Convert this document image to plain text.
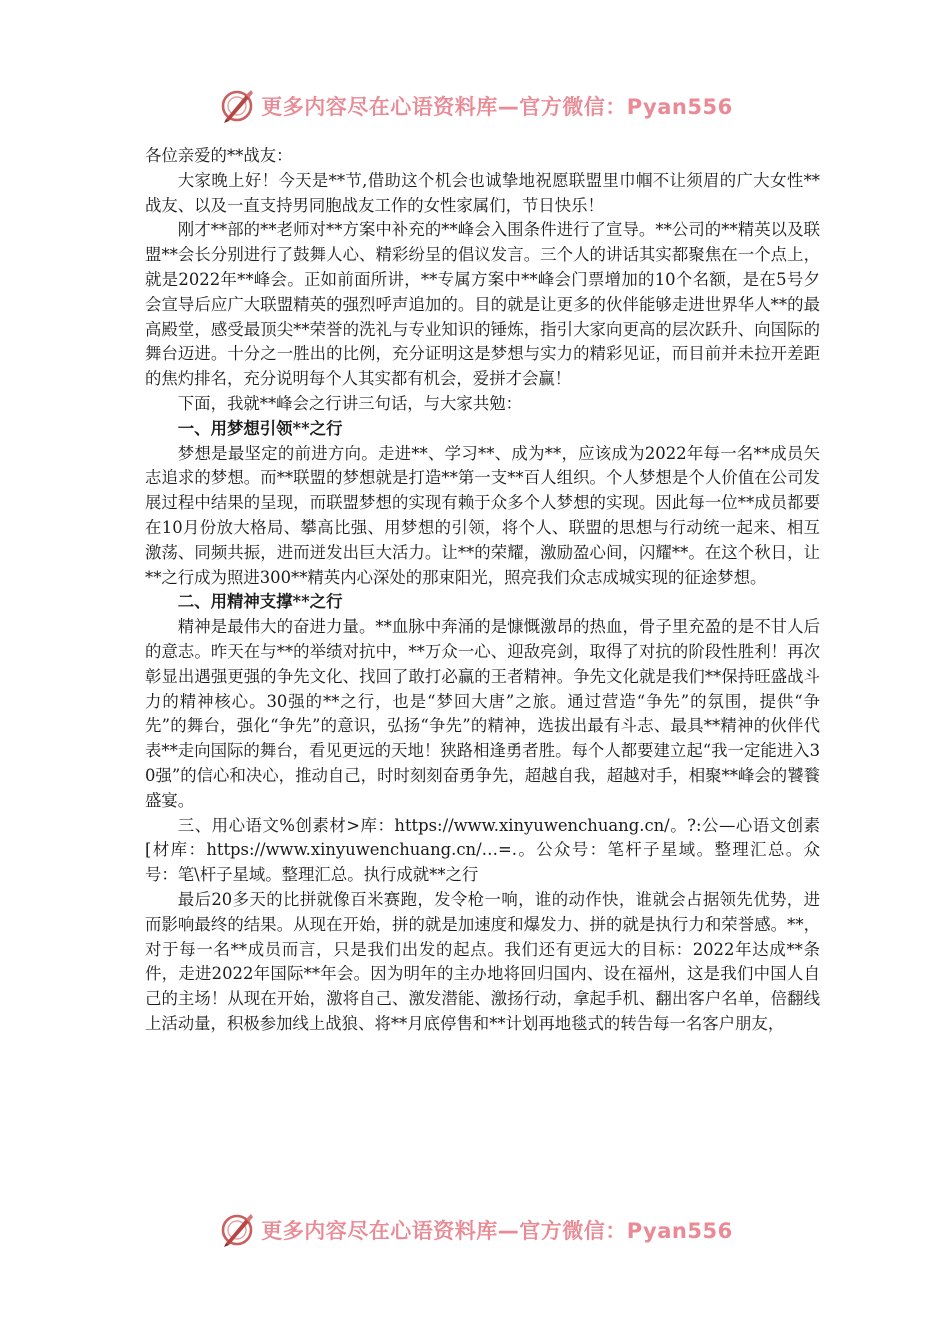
更多内容尽在心语资料库—官方微信：Pyan556

各位亲爱的**战友：

大家晚上好！今天是**节,借助这个机会也诚挚地祝愿联盟里巾帼不让须眉的广大女性**战友、以及一直支持男同胞战友工作的女性家属们，节日快乐！

刚才**部的**老师对**方案中补充的**峰会入围条件进行了宣导。**公司的**精英以及联盟**会长分别进行了鼓舞人心、精彩纷呈的倡议发言。三个人的讲话其实都聚焦在一个点上，就是2022年**峰会。正如前面所讲，**专属方案中**峰会门票增加的10个名额，是在5号夕会宣导后应广大联盟精英的强烈呼声追加的。目的就是让更多的伙伴能够走进世界华人**的最高殿堂，感受最顶尖**荣誉的洗礼与专业知识的锤炼，指引大家向更高的层次跃升、向国际的舞台迈进。十分之一胜出的比例，充分证明这是梦想与实力的精彩见证，而目前并未拉开差距的焦灼排名，充分说明每个人其实都有机会，爱拼才会赢！

下面，我就**峰会之行讲三句话，与大家共勉：

一、用梦想引领**之行

梦想是最坚定的前进方向。走进**、学习**、成为**，应该成为2022年每一名**成员矢志追求的梦想。而**联盟的梦想就是打造**第一支**百人组织。个人梦想是个人价值在公司发展过程中结果的呈现，而联盟梦想的实现有赖于众多个人梦想的实现。因此每一位**成员都要在10月份放大格局、攀高比强、用梦想的引领，将个人、联盟的思想与行动统一起来、相互激荡、同频共振，进而迸发出巨大活力。让**的荣耀，激励盈心间，闪耀**。在这个秋日，让**之行成为照进300**精英内心深处的那束阳光，照亮我们众志成城实现的征途梦想。

二、用精神支撑**之行

精神是最伟大的奋进力量。**血脉中奔涌的是慷慨激昂的热血，骨子里充盈的是不甘人后的意志。昨天在与**的举绩对抗中，**万众一心、迎敌亮剑，取得了对抗的阶段性胜利！再次彰显出遇强更强的争先文化、找回了敢打必赢的王者精神。争先文化就是我们**保持旺盛战斗力的精神核心。30强的**之行，也是“梦回大唐”之旅。通过营造“争先”的氛围，提供“争先”的舞台，强化“争先”的意识，弘扬“争先”的精神，选拔出最有斗志、最具**精神的伙伴代表**走向国际的舞台，看见更远的天地！狭路相逢勇者胜。每个人都要建立起“我一定能进入30强”的信心和决心，推动自己，时时刻刻奋勇争先，超越自我，超越对手，相聚**峰会的饕餮盛宴。

三、用心语文%创素材>库：https://www.xinyuwenchuang.cn/。?:公—心语文创素[材库：https://www.xinyuwenchuang.cn/…=.。公众号：笔杆子星域。整理汇总。众号：笔\杆子星域。整理汇总。执行成就**之行

最后20多天的比拼就像百米赛跑，发令枪一响，谁的动作快，谁就会占据领先优势，进而影响最终的结果。从现在开始，拼的就是加速度和爆发力、拼的就是执行力和荣誉感。**，对于每一名**成员而言，只是我们出发的起点。我们还有更远大的目标：2022年达成**条件，走进2022年国际**年会。因为明年的主办地将回归国内、设在福州，这是我们中国人自己的主场！从现在开始，激将自己、激发潜能、激扬行动，拿起手机、翻出客户名单，倍翻线上活动量，积极参加线上战狼、将**月底停售和**计划再地毯式的转告每一名客户朋友，

更多内容尽在心语资料库—官方微信：Pyan556
